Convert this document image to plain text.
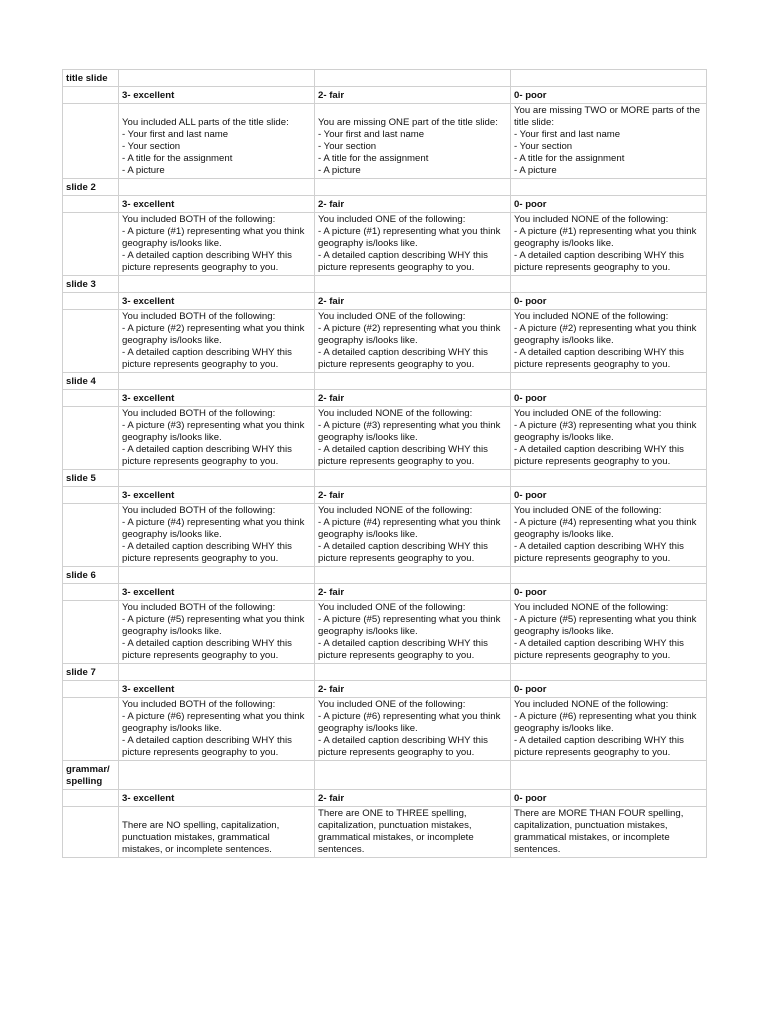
title slide			
	3- excellent	2- fair	0- poor
	You included ALL parts of the title slide:
- Your first and last name
- Your section
- A title for the assignment
- A picture	You are missing ONE part of the title slide:
- Your first and last name
- Your section
- A title for the assignment
- A picture	You are missing TWO or MORE parts of the title slide:
- Your first and last name
- Your section
- A title for the assignment
- A picture
slide 2			
	3- excellent	2- fair	0- poor
	You included BOTH of the following:
- A picture (#1) representing what you think geography is/looks like.
- A detailed caption describing WHY this picture represents geography to you.	You included ONE of the following:
- A picture (#1) representing what you think geography is/looks like.
- A detailed caption describing WHY this picture represents geography to you.	You included NONE of the following:
- A picture (#1) representing what you think geography is/looks like.
- A detailed caption describing WHY this picture represents geography to you.
slide 3			
	3- excellent	2- fair	0- poor
	You included BOTH of the following:
- A picture (#2) representing what you think geography is/looks like.
- A detailed caption describing WHY this picture represents geography to you.	You included ONE of the following:
- A picture (#2) representing what you think geography is/looks like.
- A detailed caption describing WHY this picture represents geography to you.	You included NONE of the following:
- A picture (#2) representing what you think geography is/looks like.
- A detailed caption describing WHY this picture represents geography to you.
slide 4			
	3- excellent	2- fair	0- poor
	You included BOTH of the following:
- A picture (#3) representing what you think geography is/looks like.
- A detailed caption describing WHY this picture represents geography to you.	You included NONE of the following:
- A picture (#3) representing what you think geography is/looks like.
- A detailed caption describing WHY this picture represents geography to you.	You included ONE of the following:
- A picture (#3) representing what you think geography is/looks like.
- A detailed caption describing WHY this picture represents geography to you.
slide 5			
	3- excellent	2- fair	0- poor
	You included BOTH of the following:
- A picture (#4) representing what you think geography is/looks like.
- A detailed caption describing WHY this picture represents geography to you.	You included NONE of the following:
- A picture (#4) representing what you think geography is/looks like.
- A detailed caption describing WHY this picture represents geography to you.	You included ONE of the following:
- A picture (#4) representing what you think geography is/looks like.
- A detailed caption describing WHY this picture represents geography to you.
slide 6			
	3- excellent	2- fair	0- poor
	You included BOTH of the following:
- A picture (#5) representing what you think geography is/looks like.
- A detailed caption describing WHY this picture represents geography to you.	You included ONE of the following:
- A picture (#5) representing what you think geography is/looks like.
- A detailed caption describing WHY this picture represents geography to you.	You included NONE of the following:
- A picture (#5) representing what you think geography is/looks like.
- A detailed caption describing WHY this picture represents geography to you.
slide 7			
	3- excellent	2- fair	0- poor
	You included BOTH of the following:
- A picture (#6) representing what you think geography is/looks like.
- A detailed caption describing WHY this picture represents geography to you.	You included ONE of the following:
- A picture (#6) representing what you think geography is/looks like.
- A detailed caption describing WHY this picture represents geography to you.	You included NONE of the following:
- A picture (#6) representing what you think geography is/looks like.
- A detailed caption describing WHY this picture represents geography to you.
grammar/ spelling			
	3- excellent	2- fair	0- poor
	There are NO spelling, capitalization, punctuation mistakes, grammatical mistakes, or incomplete sentences.	There are ONE to THREE spelling, capitalization, punctuation mistakes, grammatical mistakes, or incomplete sentences.	There are MORE THAN FOUR spelling, capitalization, punctuation mistakes, grammatical mistakes, or incomplete sentences.
